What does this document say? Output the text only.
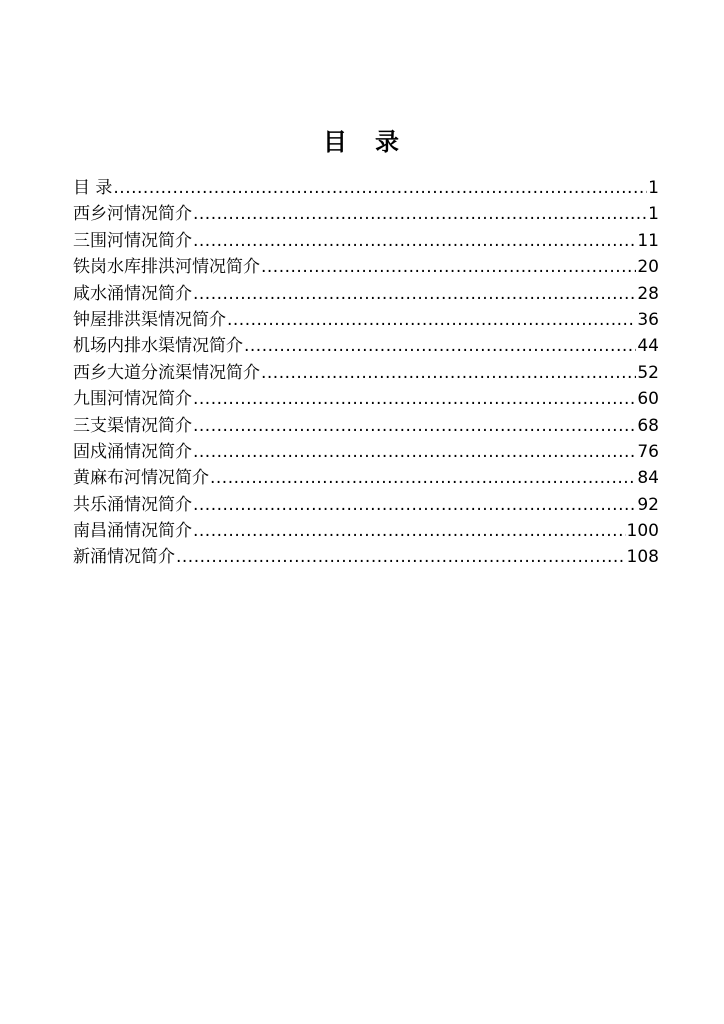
目　录
目 录 .....	1
西乡河情况简介 .....	1
三围河情况简介 .....	11
铁岗水库排洪河情况简介 .....	20
咸水涌情况简介 .....	28
钟屋排洪渠情况简介 .....	36
机场内排水渠情况简介 .....	44
西乡大道分流渠情况简介 .....	52
九围河情况简介 .....	60
三支渠情况简介 .....	68
固戍涌情况简介 .....	76
黄麻布河情况简介 .....	84
共乐涌情况简介 .....	92
南昌涌情况简介 .....	100
新涌情况简介 .....	108
